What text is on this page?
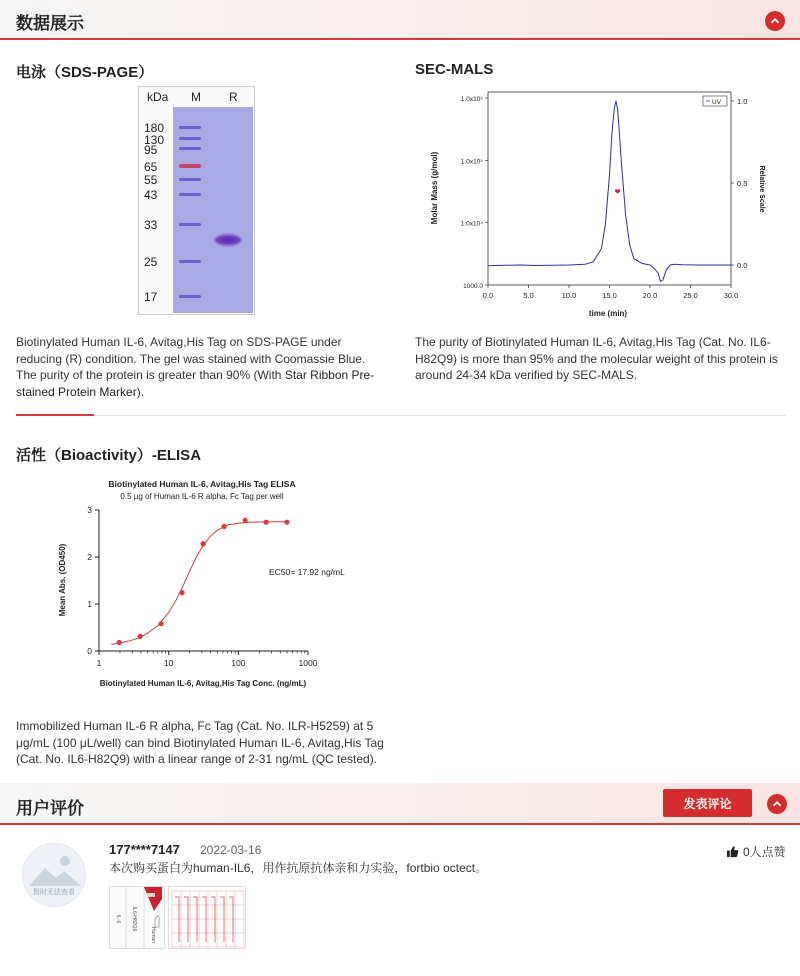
数据展示
电泳（SDS-PAGE）
kDa M R
180
130
95
65
55
43
33
25
17
Biotinylated Human IL-6, Avitag,His Tag on SDS-PAGE under reducing (R) condition. The gel was stained with Coomassie Blue. The purity of the protein is greater than 90% (With Star Ribbon Pre-stained Protein Marker).
SEC-MALS
Molar Mass (g/mol)	Relative Scale
time (min)
0.0	5.0	10.0	15.0	20.0	25.0	30.0
1000.0
1.0x10⁴
1.0x10⁵
1.0x10⁶
0.0
0.5
1.0
UV
The purity of Biotinylated Human IL-6, Avitag,His Tag (Cat. No. IL6-H82Q9) is more than 95% and the molecular weight of this protein is around 24-34 kDa verified by SEC-MALS.
活性（Bioactivity）-ELISA
Biotinylated Human IL-6, Avitag,His Tag ELISA
0.5 μg of Human IL-6 R alpha, Fc Tag per well
Mean Abs. (OD450)
Biotinylated Human IL-6, Avitag,His Tag Conc. (ng/mL)
EC50= 17.92 ng/mL
1	10	100	1000
0
1
2
3
Immobilized Human IL-6 R alpha, Fc Tag (Cat. No. ILR-H5259) at 5 μg/mL (100 μL/well) can bind Biotinylated Human IL-6, Avitag,His Tag (Cat. No. IL6-H82Q9) with a linear range of 2-31 ng/mL (QC tested).
用户评价	发表评论
暂时无法查看
177****7147 2022-03-16
本次购买蛋白为human-IL6，用作抗原抗体亲和力实验，fortbio octect。
0人点赞
IL-6 IL6-H82Q9
Human
